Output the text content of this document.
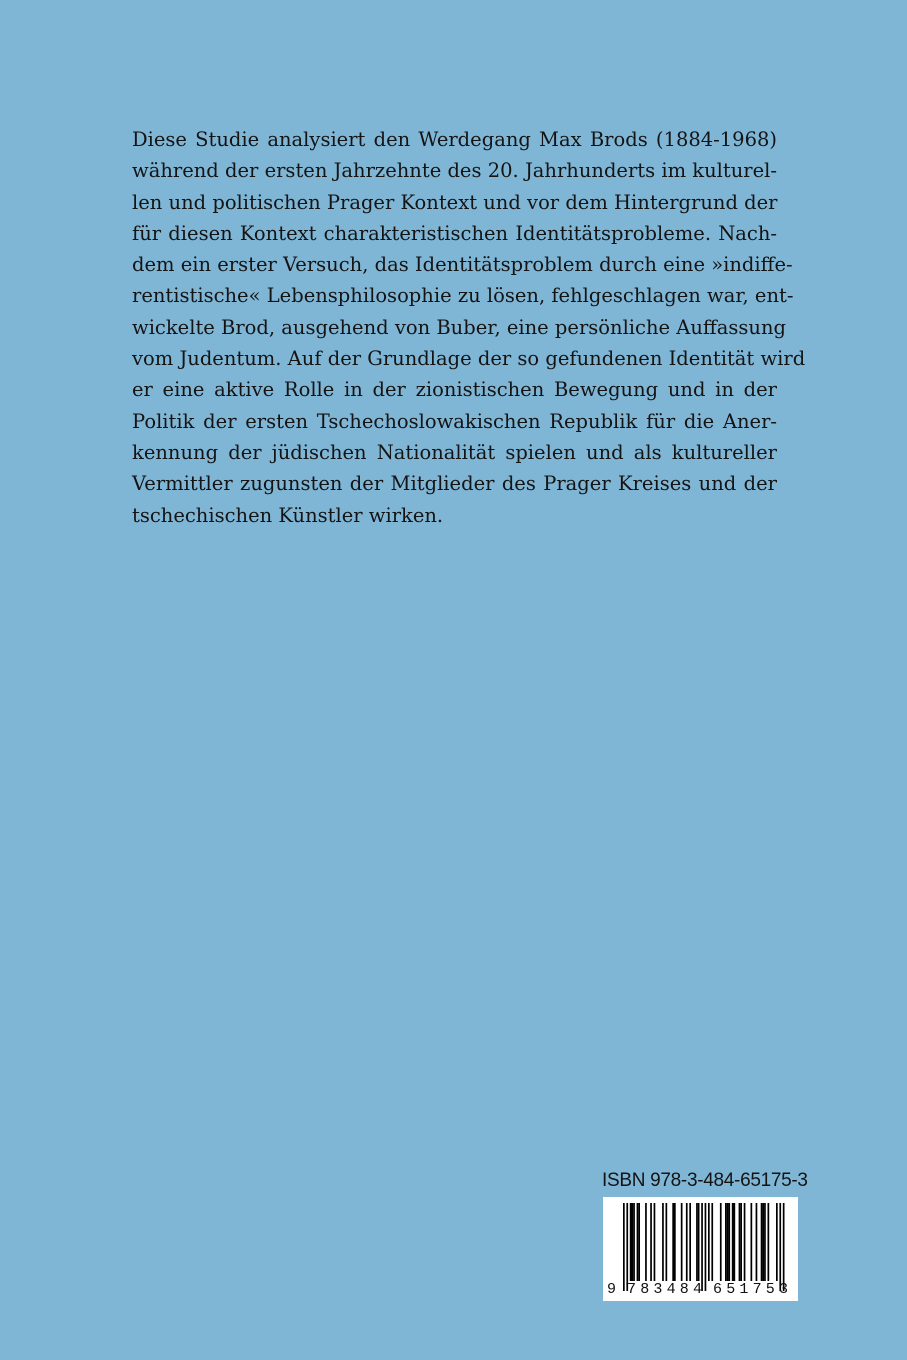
Diese Studie analysiert den Werdegang Max Brods (1884-1968)
während der ersten Jahrzehnte des 20. Jahrhunderts im kulturel-
len und politischen Prager Kontext und vor dem Hintergrund der
für diesen Kontext charakteristischen Identitätsprobleme. Nach-
dem ein erster Versuch, das Identitätsproblem durch eine »indiffe-
rentistische« Lebensphilosophie zu lösen, fehlgeschlagen war, ent-
wickelte Brod, ausgehend von Buber, eine persönliche Auffassung
vom Judentum. Auf der Grundlage der so gefundenen Identität wird
er eine aktive Rolle in der zionistischen Bewegung und in der
Politik der ersten Tschechoslowakischen Republik für die Aner-
kennung der jüdischen Nationalität spielen und als kultureller
Vermittler zugunsten der Mitglieder des Prager Kreises und der
tschechischen Künstler wirken.
ISBN 978-3-484-65175-3
9 783484 651753
